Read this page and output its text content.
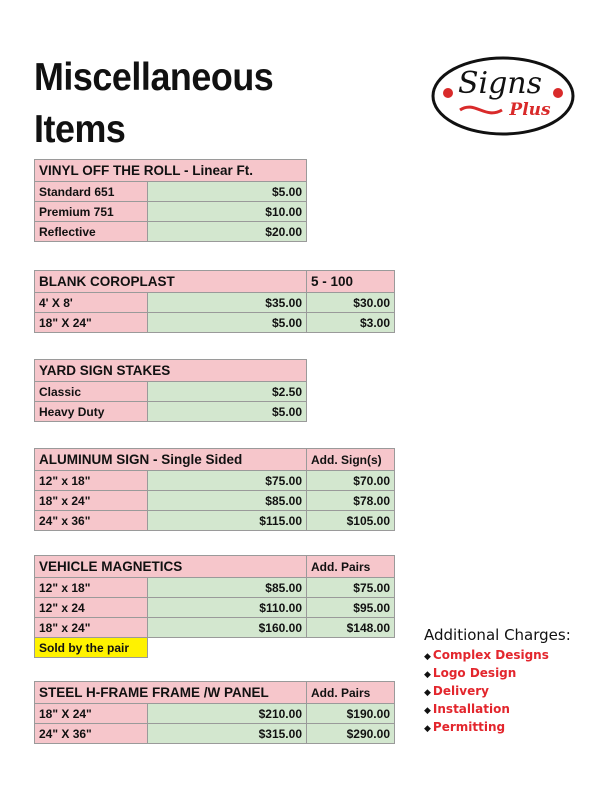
Miscellaneous Items
Signs
Plus
VINYL OFF THE ROLL - Linear Ft.	
Standard 651	$5.00
Premium 751	$10.00
Reflective	$20.00
BLANK COROPLAST		5 - 100
4' X 8'	$35.00	$30.00
18" X 24"	$5.00	$3.00
YARD SIGN STAKES	
Classic	$2.50
Heavy Duty	$5.00
ALUMINUM SIGN - Single Sided		Add. Sign(s)
12" x 18"	$75.00	$70.00
18" x 24"	$85.00	$78.00
24" x 36"	$115.00	$105.00
VEHICLE MAGNETICS		Add. Pairs
12" x 18"	$85.00	$75.00
12" x 24	$110.00	$95.00
18" x 24"	$160.00	$148.00
Sold by the pair		
STEEL H-FRAME FRAME /W PANEL		Add. Pairs
18" X 24"	$210.00	$190.00
24" X 36"	$315.00	$290.00
Additional Charges:
◆ Complex Designs
◆ Logo Design
◆ Delivery
◆ Installation
◆ Permitting
